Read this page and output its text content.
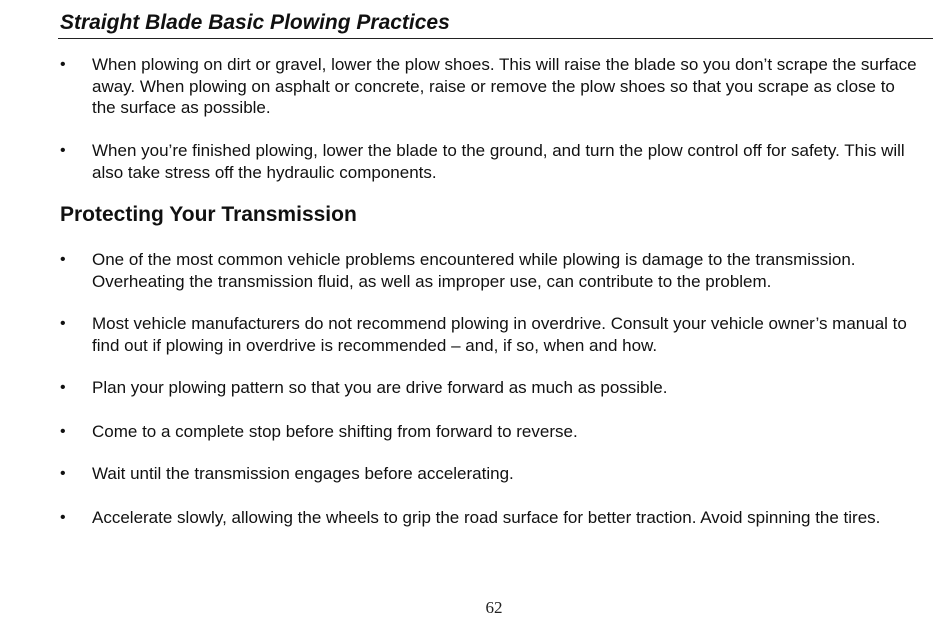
Straight Blade Basic Plowing Practices
• When plowing on dirt or gravel, lower the plow shoes. This will raise the blade so you don’t scrape the surface away. When plowing on asphalt or concrete, raise or remove the plow shoes so that you scrape as close to the surface as possible.

• When you’re finished plowing, lower the blade to the ground, and turn the plow control off for safety. This will also take stress off the hydraulic components.

Protecting Your Transmission
• One of the most common vehicle problems encountered while plowing is damage to the transmission. Overheating the transmission fluid, as well as improper use, can contribute to the problem.

• Most vehicle manufacturers do not recommend plowing in overdrive. Consult your vehicle owner’s manual to find out if plowing in overdrive is recommended – and, if so, when and how.

• Plan your plowing pattern so that you are drive forward as much as possible.

• Come to a complete stop before shifting from forward to reverse.

• Wait until the transmission engages before accelerating.

• Accelerate slowly, allowing the wheels to grip the road surface for better traction. Avoid spinning the tires.

62
